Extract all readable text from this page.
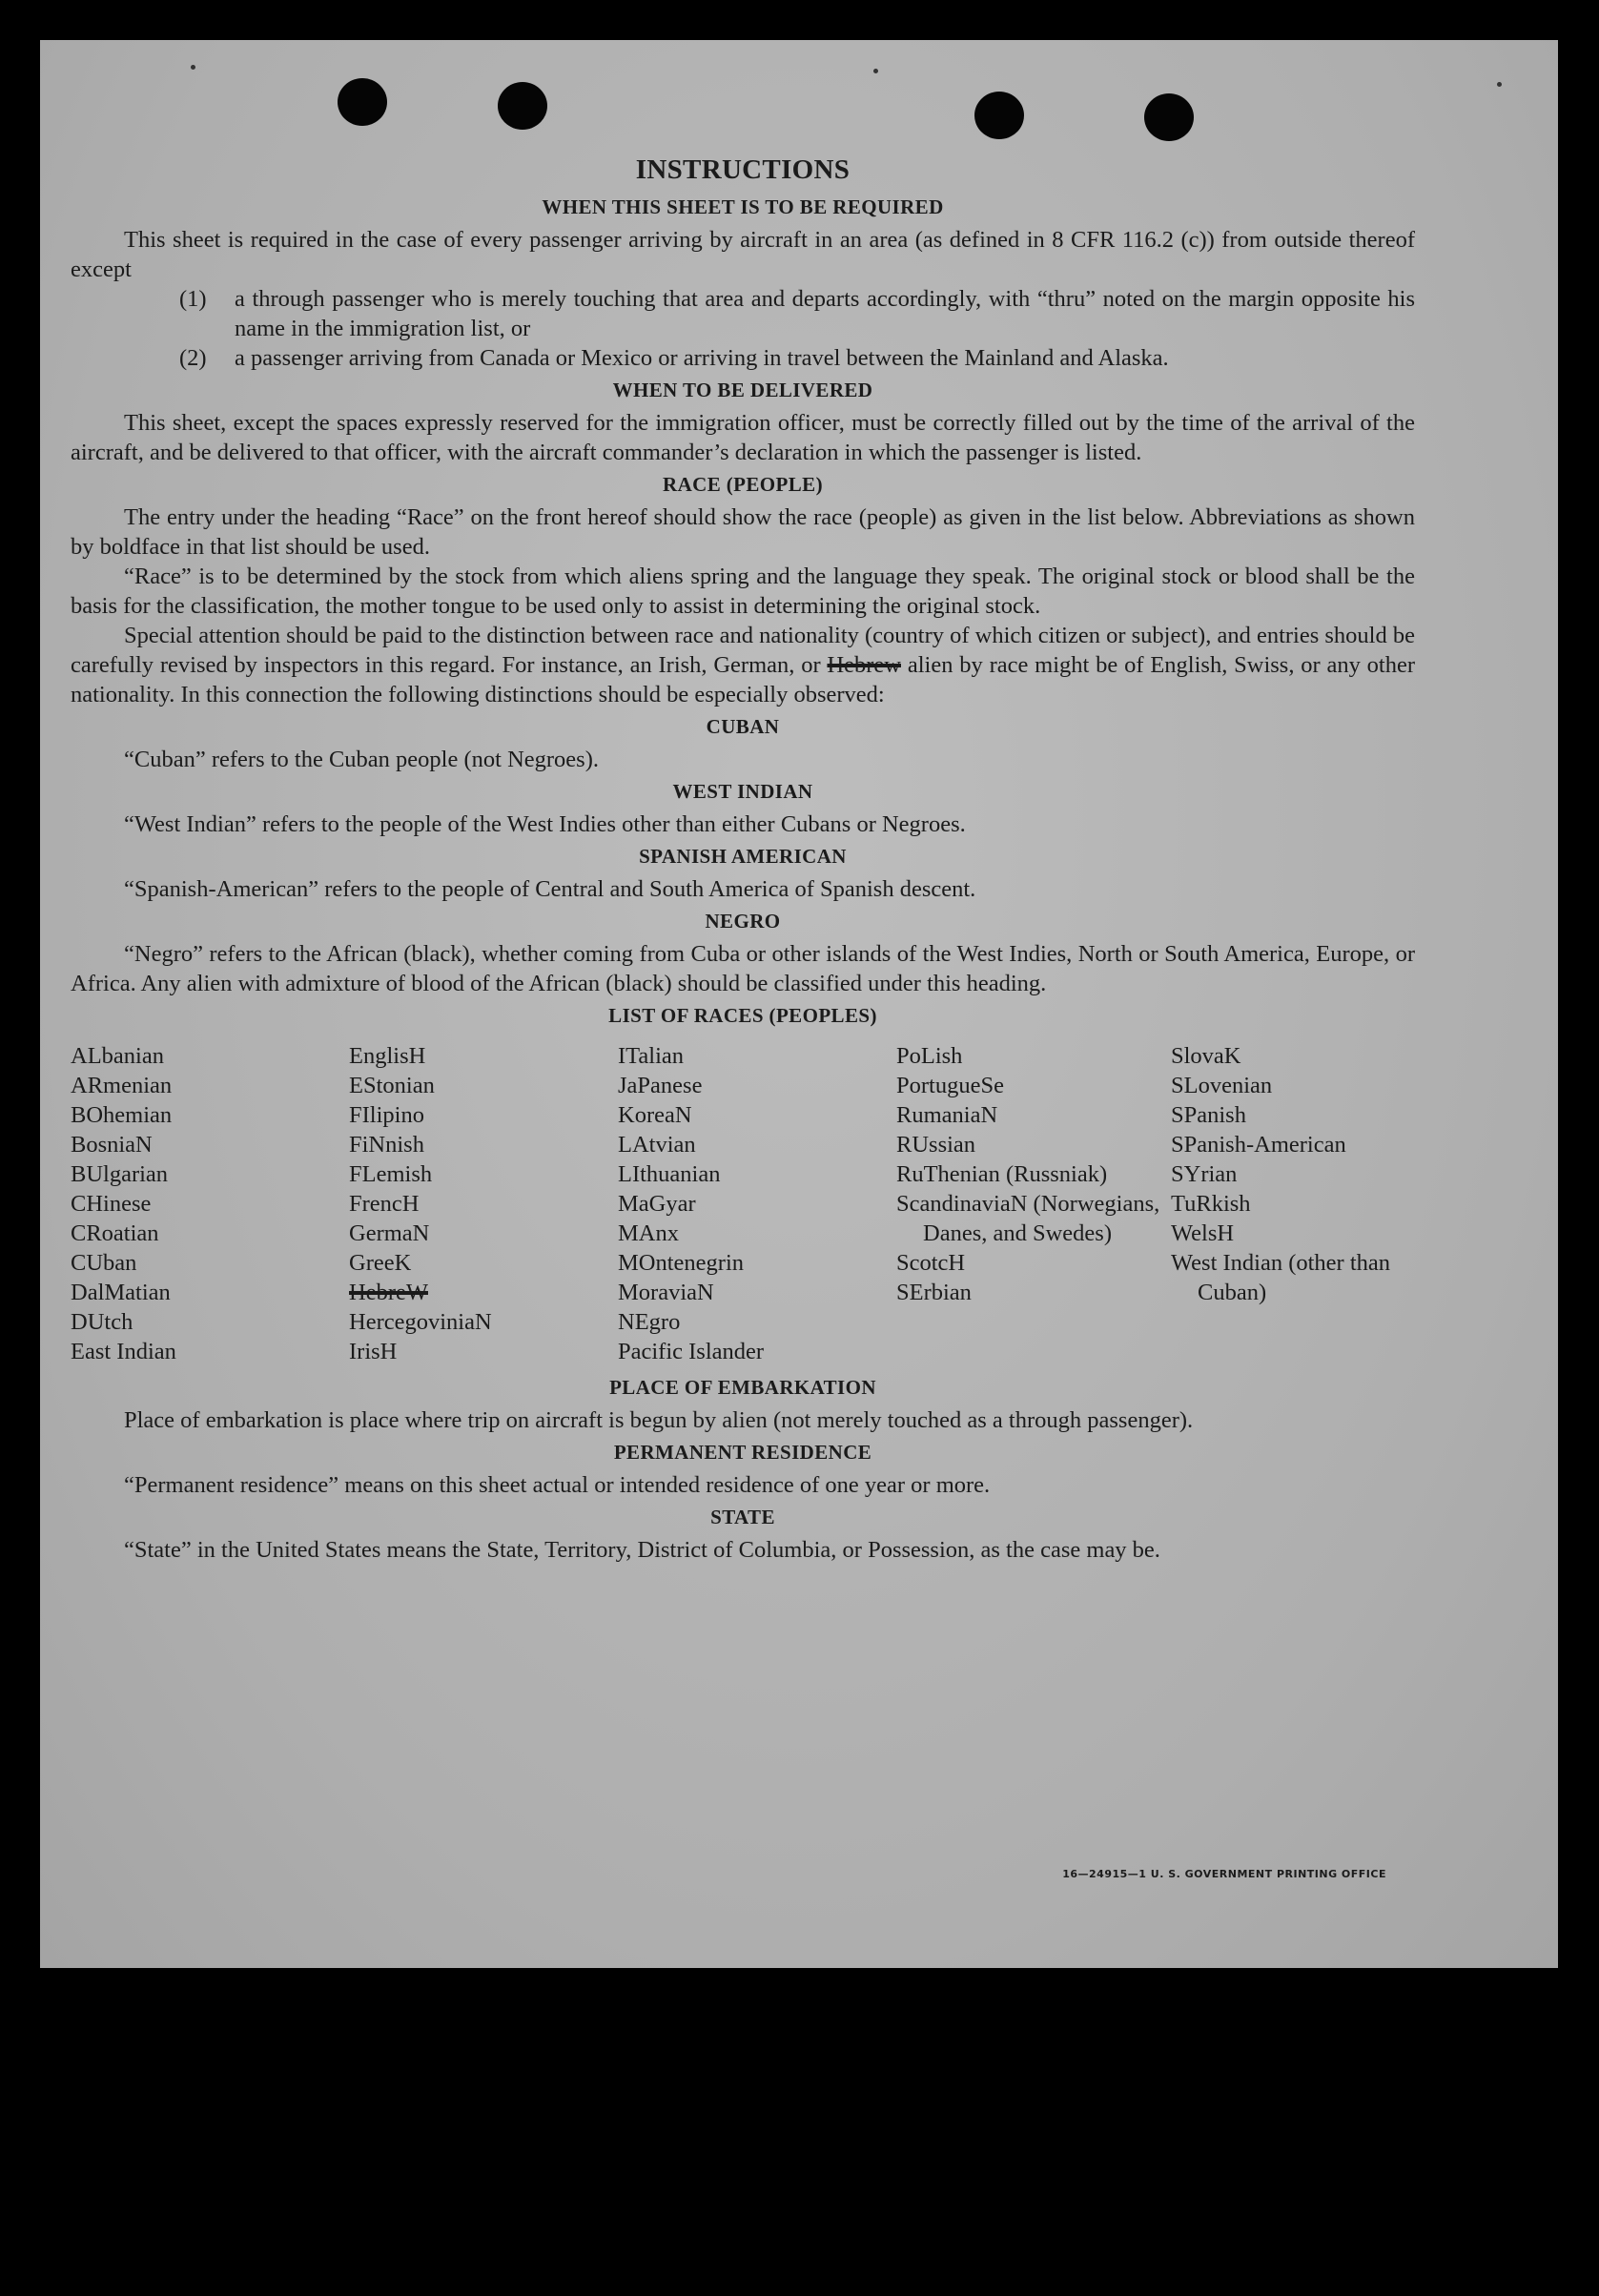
INSTRUCTIONS
WHEN THIS SHEET IS TO BE REQUIRED

This sheet is required in the case of every passenger arriving by aircraft in an area (as defined in 8 CFR 116.2 (c)) from outside thereof except

(1)	a through passenger who is merely touching that area and departs accordingly, with “thru” noted on the margin opposite his name in the immigration list, or
(2)	a passenger arriving from Canada or Mexico or arriving in travel between the Mainland and Alaska.
WHEN TO BE DELIVERED

This sheet, except the spaces expressly reserved for the immigration officer, must be correctly filled out by the time of the arrival of the aircraft, and be delivered to that officer, with the aircraft commander’s declaration in which the passenger is listed.

RACE (PEOPLE)

The entry under the heading “Race” on the front hereof should show the race (people) as given in the list below. Abbreviations as shown by boldface in that list should be used.

“Race” is to be determined by the stock from which aliens spring and the language they speak. The original stock or blood shall be the basis for the classification, the mother tongue to be used only to assist in determining the original stock.

Special attention should be paid to the distinction between race and nationality (country of which citizen or subject), and entries should be carefully revised by inspectors in this regard. For instance, an Irish, German, or Hebrew alien by race might be of English, Swiss, or any other nationality. In this connection the following distinctions should be especially observed:

CUBAN

“Cuban” refers to the Cuban people (not Negroes).

WEST INDIAN

“West Indian” refers to the people of the West Indies other than either Cubans or Negroes.

SPANISH AMERICAN

“Spanish-American” refers to the people of Central and South America of Spanish descent.

NEGRO

“Negro” refers to the African (black), whether coming from Cuba or other islands of the West Indies, North or South America, Europe, or Africa. Any alien with admixture of blood of the African (black) should be classified under this heading.

LIST OF RACES (PEOPLES)
ALbanian
ARmenian
BOhemian
BosniaN
BUlgarian
CHinese
CRoatian
CUban
DalMatian
DUtch
East Indian
EnglisH
EStonian
FIlipino
FiNnish
FLemish
FrencH
GermaN
GreeK
HebreW
HercegoviniaN
IrisH
ITalian
JaPanese
KoreaN
LAtvian
LIthuanian
MaGyar
MAnx
MOntenegrin
MoraviaN
NEgro
Pacific Islander
PoLish
PortugueSe
RumaniaN
RUssian
RuThenian (Russniak)
ScandinaviaN (Norwegians, Danes, and Swedes)
ScotcH
SErbian
SlovaK
SLovenian
SPanish
SPanish-American
SYrian
TuRkish
WelsH
West Indian (other than Cuban)
PLACE OF EMBARKATION

Place of embarkation is place where trip on aircraft is begun by alien (not merely touched as a through passenger).

PERMANENT RESIDENCE

“Permanent residence” means on this sheet actual or intended residence of one year or more.

STATE

“State” in the United States means the State, Territory, District of Columbia, or Possession, as the case may be.

16—24915—1 U. S. GOVERNMENT PRINTING OFFICE
